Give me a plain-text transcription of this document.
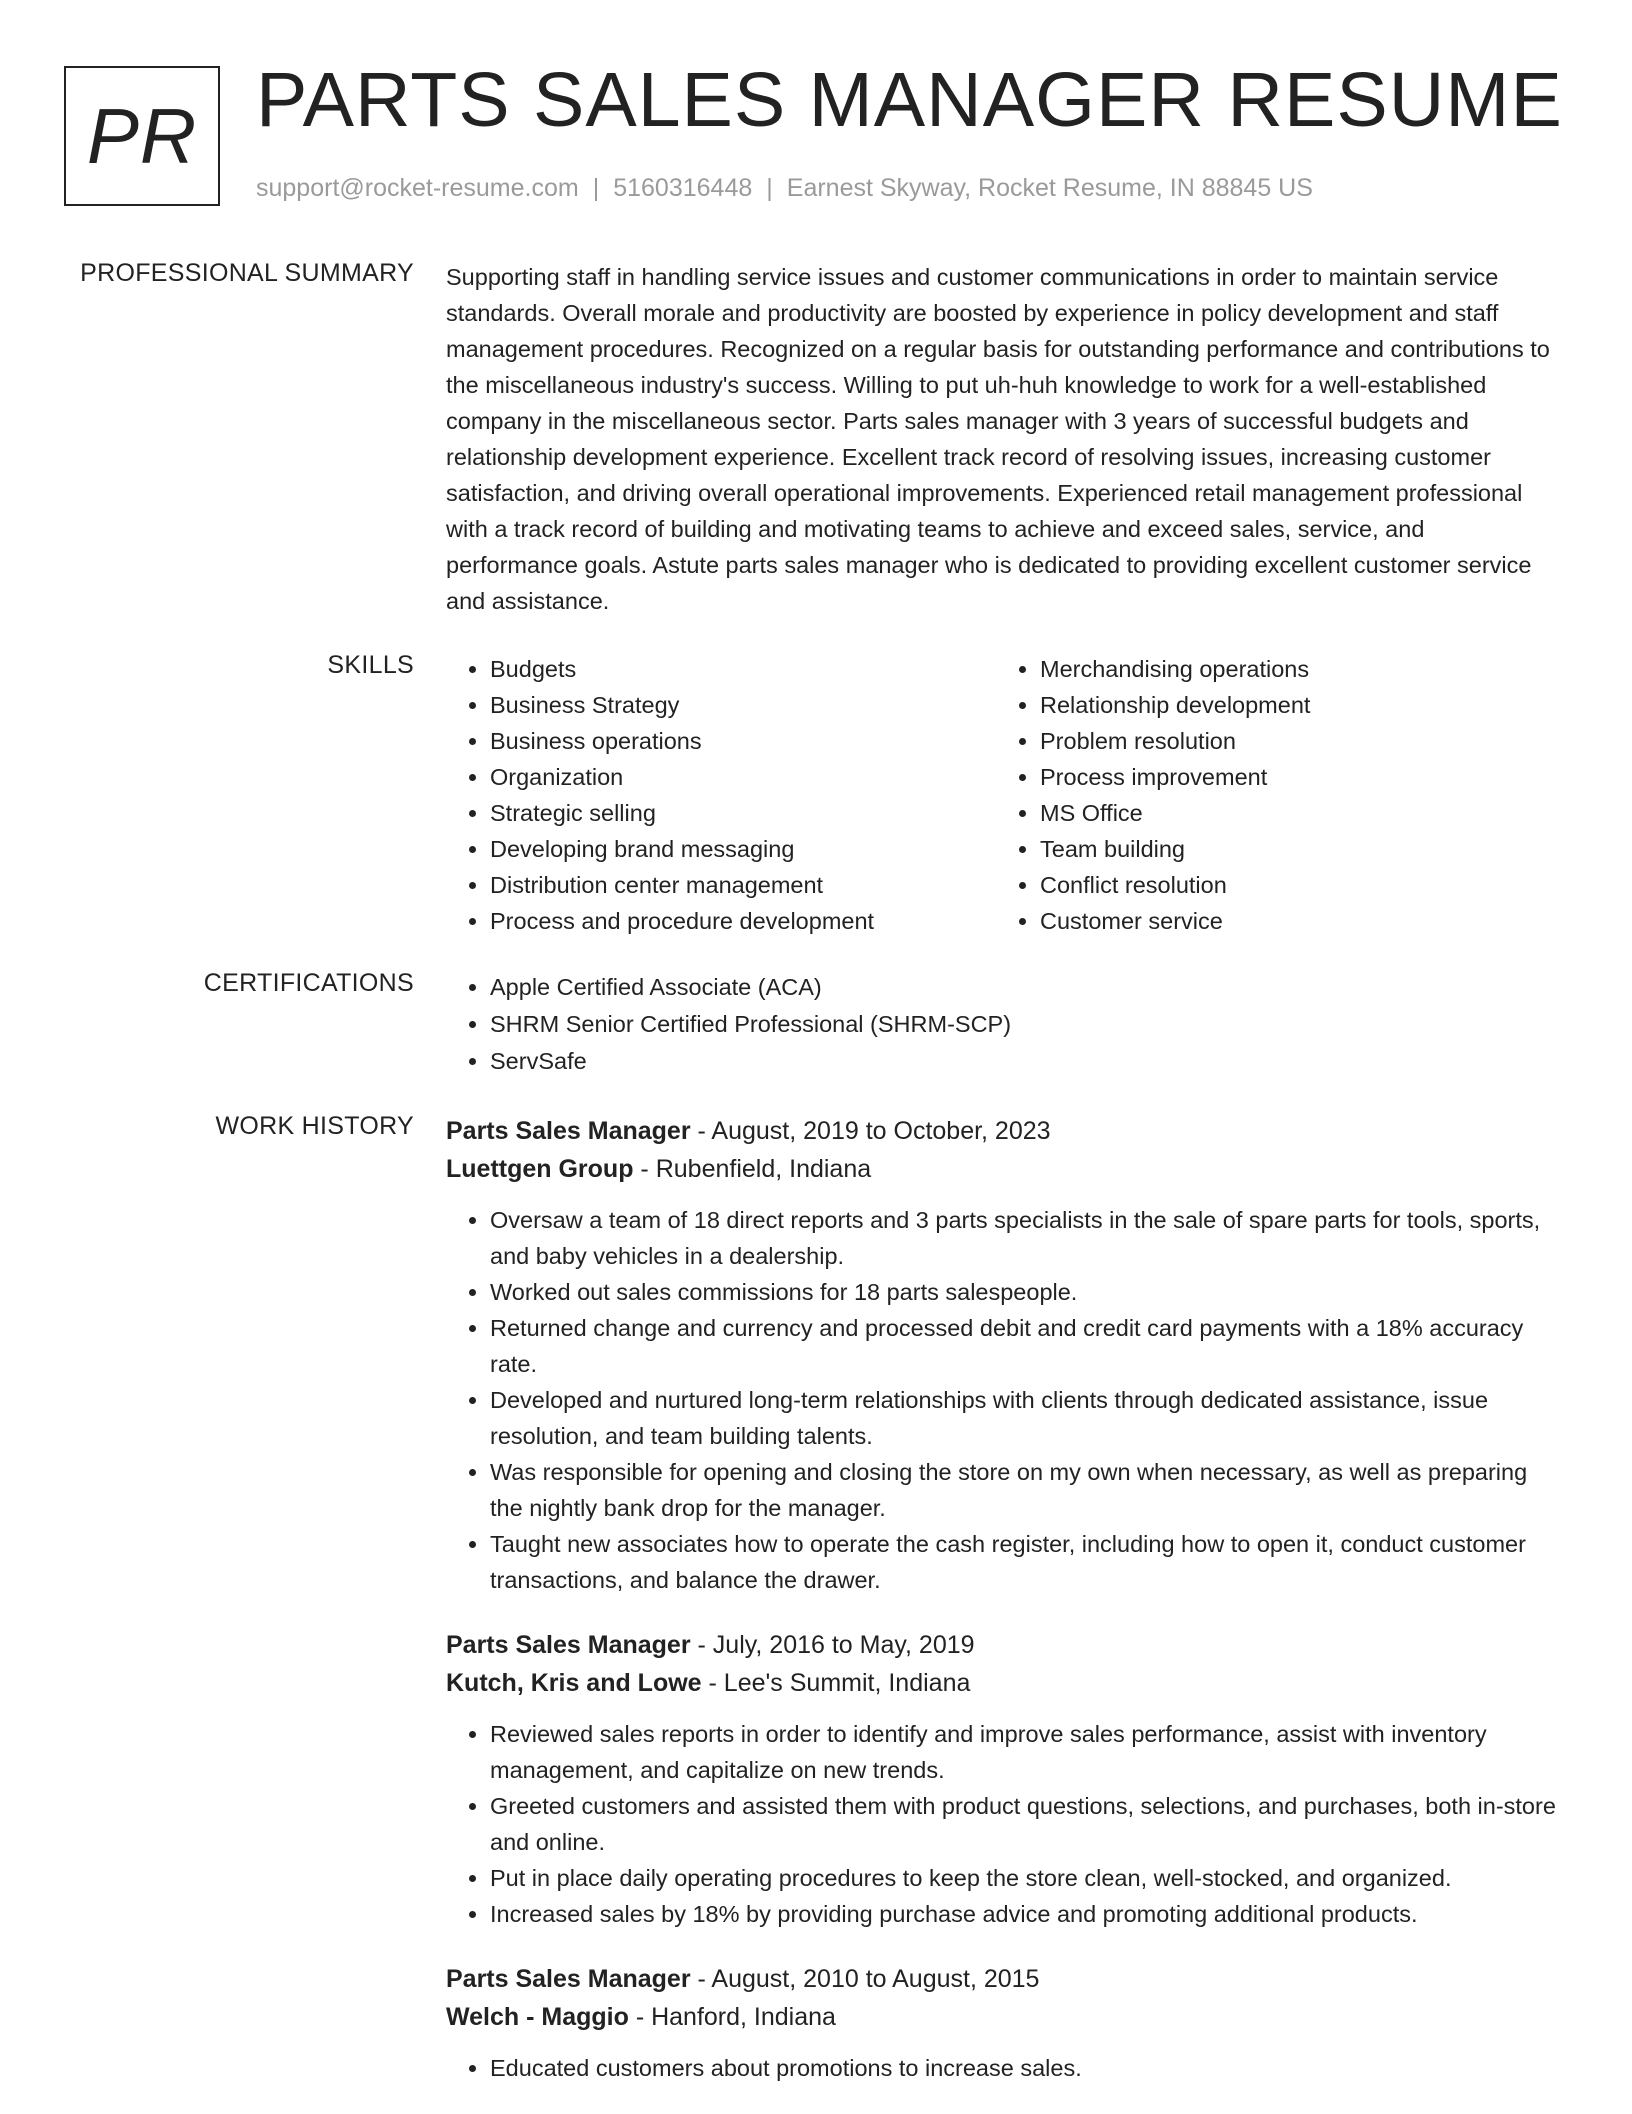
PR PARTS SALES MANAGER RESUME
support@rocket-resume.com | 5160316448 | Earnest Skyway, Rocket Resume, IN 88845 US
PROFESSIONAL SUMMARY Supporting staff in handling service issues and customer communications in order to maintain service standards. Overall morale and productivity are boosted by experience in policy development and staff management procedures. Recognized on a regular basis for outstanding performance and contributions to the miscellaneous industry's success. Willing to put uh-huh knowledge to work for a well-established company in the miscellaneous sector. Parts sales manager with 3 years of successful budgets and relationship development experience. Excellent track record of resolving issues, increasing customer satisfaction, and driving overall operational improvements. Experienced retail management professional with a track record of building and motivating teams to achieve and exceed sales, service, and performance goals. Astute parts sales manager who is dedicated to providing excellent customer service and assistance.

SKILLS	• Budgets
• Business Strategy
• Business operations
• Organization
• Strategic selling
• Developing brand messaging
• Distribution center management
• Process and procedure development
• Merchandising operations
• Relationship development
• Problem resolution
• Process improvement
• MS Office
• Team building
• Conflict resolution
• Customer service
CERTIFICATIONS	• Apple Certified Associate (ACA)
• SHRM Senior Certified Professional (SHRM-SCP)
• ServSafe
WORK HISTORY Parts Sales Manager - August, 2019 to October, 2023
Luettgen Group - Rubenfield, Indiana
• Oversaw a team of 18 direct reports and 3 parts specialists in the sale of spare parts for tools, sports, and baby vehicles in a dealership.
• Worked out sales commissions for 18 parts salespeople.
• Returned change and currency and processed debit and credit card payments with a 18% accuracy rate.
• Developed and nurtured long-term relationships with clients through dedicated assistance, issue resolution, and team building talents.
• Was responsible for opening and closing the store on my own when necessary, as well as preparing the nightly bank drop for the manager.
• Taught new associates how to operate the cash register, including how to open it, conduct customer transactions, and balance the drawer.
Parts Sales Manager - July, 2016 to May, 2019
Kutch, Kris and Lowe - Lee's Summit, Indiana
• Reviewed sales reports in order to identify and improve sales performance, assist with inventory management, and capitalize on new trends.
• Greeted customers and assisted them with product questions, selections, and purchases, both in-store and online.
• Put in place daily operating procedures to keep the store clean, well-stocked, and organized.
• Increased sales by 18% by providing purchase advice and promoting additional products.
Parts Sales Manager - August, 2010 to August, 2015
Welch - Maggio - Hanford, Indiana
• Educated customers about promotions to increase sales.
